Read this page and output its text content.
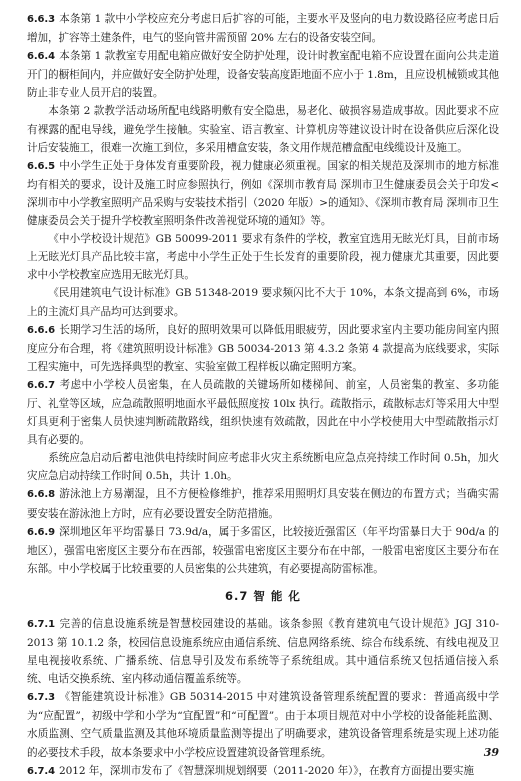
6.6.3 本条第 1 款中小学校应充分考虑日后扩容的可能，主要水平及竖向的电力数设路径应考虑日后增加，扩容等土建条件，电气的竖向管井需预留 20% 左右的设备安装空间。

6.6.4 本条第 1 款教室专用配电箱应做好安全防护处理，设计时教室配电箱不应设置在面向公共走道开门的橱柜间内，并应做好安全防护处理，设备安装高度距地面不应小于 1.8m，且应设机械锁或其他防止非专业人员开启的装置。

本条第 2 款教学活动场所配电线路明敷有安全隐患，易老化、破损容易造成事故。因此要求不应有裸露的配电导线，避免学生接触。实验室、语言教室、计算机房等建议设计时在设备供应后深化设计后安装施工，很难一次施工到位，多采用槽盒安装，条文用作规范槽盒配电线缆设计及施工。

6.6.5 中小学生正处于身体发育重要阶段，视力健康必须重视。国家的相关规范及深圳市的地方标准均有相关的要求，设计及施工时应参照执行，例如《深圳市教育局 深圳市卫生健康委员会关于印发<深圳市中小学教室照明产品采购与安装技术指引（2020 年版）>的通知》、《深圳市教育局 深圳市卫生健康委员会关于提升学校教室照明条件改善视觉环境的通知》等。

《中小学校设计规范》GB 50099-2011 要求有条件的学校，教室宜选用无眩光灯具，目前市场上无眩光灯具产品比较丰富，考虑中小学生正处于生长发育的重要阶段，视力健康尤其重要，因此要求中小学校教室应选用无眩光灯具。

《民用建筑电气设计标准》GB 51348-2019 要求频闪比不大于 10%，本条文提高到 6%，市场上的主流灯具产品均可达到要求。

6.6.6 长期学习生活的场所，良好的照明效果可以降低用眼疲劳，因此要求室内主要功能房间室内照度应分布合理，将《建筑照明设计标准》GB 50034-2013 第 4.3.2 条第 4 款提高为底线要求，实际工程实施中，可先选择典型的教室、实验室做工程样板以确定照明方案。

6.6.7 考虑中小学校人员密集，在人员疏散的关键场所如楼梯间、前室，人员密集的教室、多功能厅、礼堂等区域，应急疏散照明地面水平最低照度按 10lx 执行。疏散指示，疏散标志灯等采用大中型灯具更利于密集人员快速判断疏散路线，组织快速有效疏散，因此在中小学校使用大中型疏散指示灯具有必要的。

系统应急启动后蓄电池供电持续时间应考虑非火灾主系统断电应急点亮持续工作时间 0.5h，加火灾应急启动持续工作时间 0.5h，共计 1.0h。

6.6.8 游泳池上方易潮湿，且不方便检修维护，推荐采用照明灯具安装在侧边的布置方式；当确实需要安装在游泳池上方时，应有必要设置安全防范措施。

6.6.9 深圳地区年平均雷暴日 73.9d/a，属于多雷区，比较接近强雷区（年平均雷暴日大于 90d/a 的地区），强雷电密度区主要分布在西部，较强雷电密度区主要分布在中部，一般雷电密度区主要分布在东部。中小学校属于比较重要的人员密集的公共建筑，有必要提高防雷标准。

6.7 智 能 化

6.7.1 完善的信息设施系统是智慧校园建设的基础。该条参照《教育建筑电气设计规范》JGJ 310-2013 第 10.1.2 条，校园信息设施系统应由通信系统、信息网络系统、综合布线系统、有线电视及卫星电视接收系统、广播系统、信息导引及发布系统等子系统组成。其中通信系统又包括通信接入系统、电话交换系统、室内移动通信覆盖系统等。

6.7.3 《智能建筑设计标准》GB 50314-2015 中对建筑设备管理系统配置的要求：普通高级中学为“应配置”，初级中学和小学为“宜配置”和“可配置”。由于本项目规范对中小学校的设备能耗监测、水质监测、空气质量监测及其他环境质量监测等提出了明确要求，建筑设备管理系统是实现上述功能的必要技术手段，故本条要求中小学校应设置建筑设备管理系统。

6.7.4 2012 年，深圳市发布了《智慧深圳规划纲要（2011-2020 年）》，在教育方面提出要实施

39
